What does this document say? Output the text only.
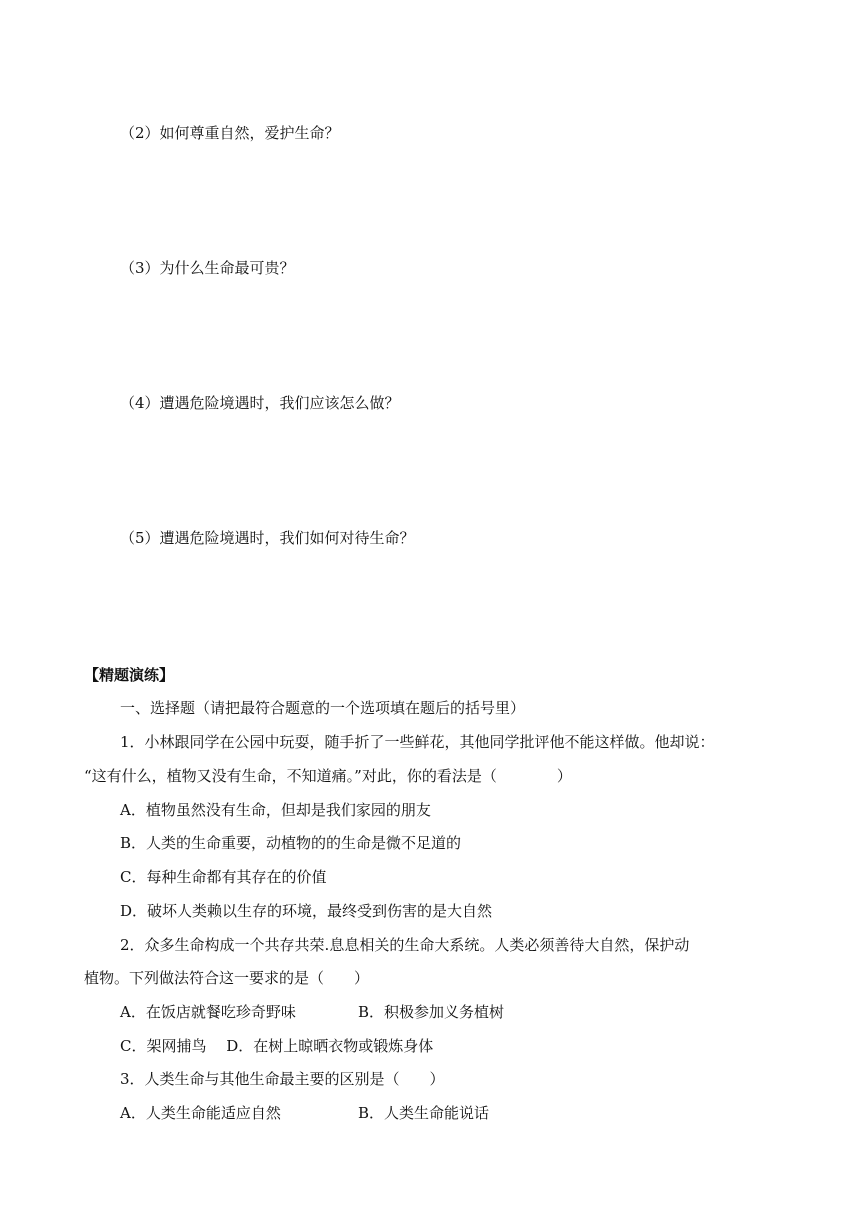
（2）如何尊重自然，爱护生命？
（3）为什么生命最可贵？
（4）遭遇危险境遇时，我们应该怎么做？
（5）遭遇危险境遇时，我们如何对待生命？
【精题演练】
一、选择题（请把最符合题意的一个选项填在题后的括号里）
1．小林跟同学在公园中玩耍，随手折了一些鲜花，其他同学批评他不能这样做。他却说：
“这有什么，植物又没有生命，不知道痛。”对此，你的看法是（　　　　）
A．植物虽然没有生命，但却是我们家园的朋友
B．人类的生命重要，动植物的的生命是微不足道的
C．每种生命都有其存在的价值
D．破坏人类赖以生存的环境，最终受到伤害的是大自然
2．众多生命构成一个共存共荣.息息相关的生命大系统。人类必须善待大自然，保护动
植物。下列做法符合这一要求的是（　　）
A．在饭店就餐吃珍奇野味	B．积极参加义务植树
C．架网捕鸟　 D．在树上晾晒衣物或锻炼身体
3．人类生命与其他生命最主要的区别是（　　）
A．人类生命能适应自然	B．人类生命能说话
